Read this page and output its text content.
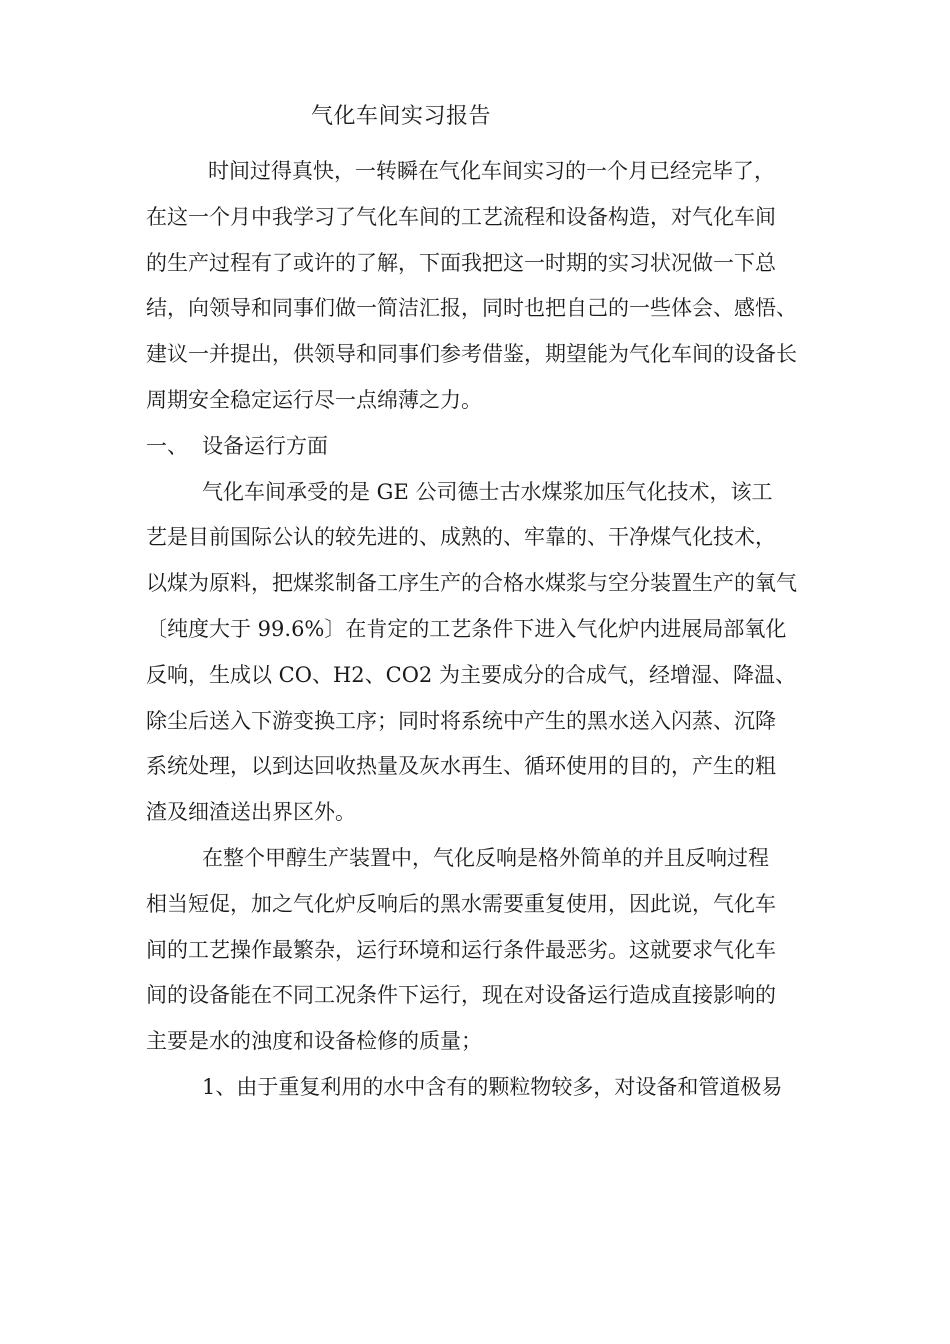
气化车间实习报告
时间过得真快，一转瞬在气化车间实习的一个月已经完毕了，
在这一个月中我学习了气化车间的工艺流程和设备构造，对气化车间
的生产过程有了或许的了解，下面我把这一时期的实习状况做一下总
结，向领导和同事们做一简洁汇报，同时也把自己的一些体会、感悟、
建议一并提出，供领导和同事们参考借鉴，期望能为气化车间的设备长
周期安全稳定运行尽一点绵薄之力。
一、 设备运行方面
气化车间承受的是 GE 公司德士古水煤浆加压气化技术，该工
艺是目前国际公认的较先进的、成熟的、牢靠的、干净煤气化技术，
以煤为原料，把煤浆制备工序生产的合格水煤浆与空分装置生产的氧气
〔纯度大于 99.6%〕在肯定的工艺条件下进入气化炉内进展局部氧化
反响，生成以 CO、H2、CO2 为主要成分的合成气，经增湿、降温、
除尘后送入下游变换工序；同时将系统中产生的黑水送入闪蒸、沉降
系统处理，以到达回收热量及灰水再生、循环使用的目的，产生的粗
渣及细渣送出界区外。
在整个甲醇生产装置中，气化反响是格外简单的并且反响过程
相当短促，加之气化炉反响后的黑水需要重复使用，因此说，气化车
间的工艺操作最繁杂，运行环境和运行条件最恶劣。这就要求气化车
间的设备能在不同工况条件下运行，现在对设备运行造成直接影响的
主要是水的浊度和设备检修的质量；
1、由于重复利用的水中含有的颗粒物较多，对设备和管道极易
